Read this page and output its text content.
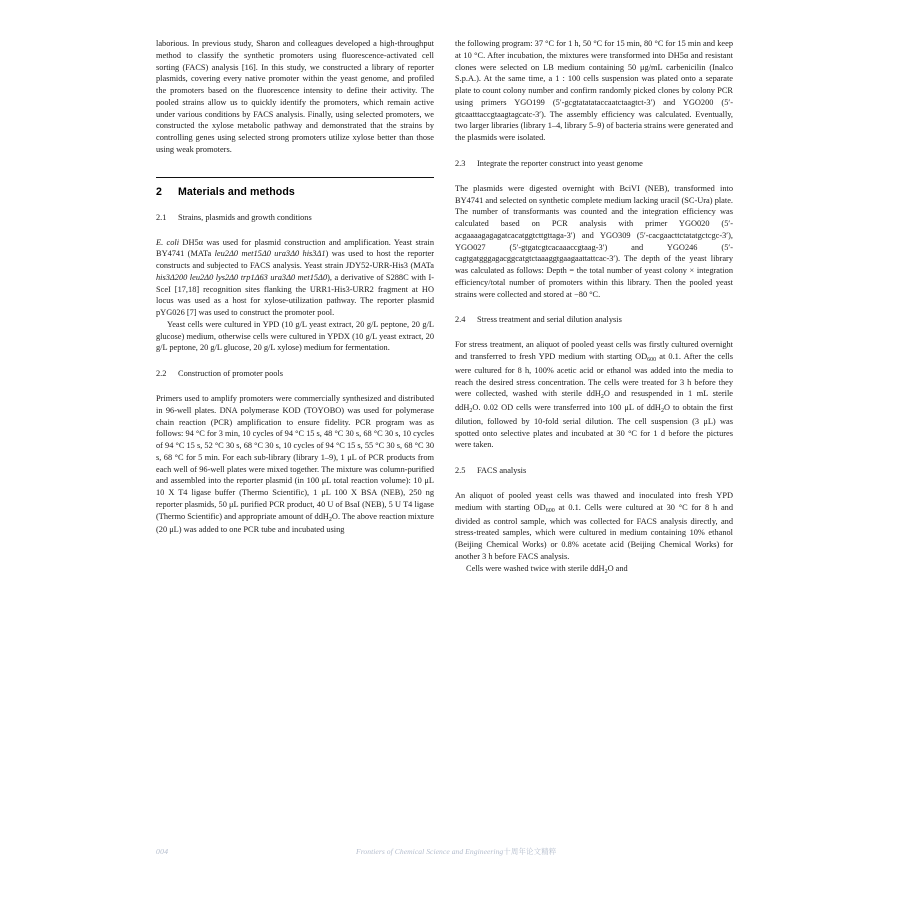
laborious. In previous study, Sharon and colleagues developed a high-throughput method to classify the synthetic promoters using fluorescence-activated cell sorting (FACS) analysis [16]. In this study, we constructed a library of reporter plasmids, covering every native promoter within the yeast genome, and profiled the promoters based on the fluorescence intensity to define their activity. The pooled strains allow us to quickly identify the promoters, which remain active under various conditions by FACS analysis. Finally, using selected promoters, we constructed the xylose metabolic pathway and demonstrated that the strains by controlling genes using selected strong promoters utilize xylose better than those using weak promoters.

2	Materials and methods
2.1	Strains, plasmids and growth conditions

E. coli DH5α was used for plasmid construction and amplification. Yeast strain BY4741 (MATa leu2Δ0 met15Δ0 ura3Δ0 his3Δ1) was used to host the reporter constructs and subjected to FACS analysis. Yeast strain JDY52-URR-His3 (MATa his3Δ200 leu2Δ0 lys2Δ0 trp1Δ63 ura3Δ0 met15Δ0), a derivative of S288C with I-SceI [17,18] recognition sites flanking the URR1-His3-URR2 fragment at HO locus was used as a host for xylose-utilization pathway. The reporter plasmid pYG026 [7] was used to construct the promoter pool.

Yeast cells were cultured in YPD (10 g/L yeast extract, 20 g/L peptone, 20 g/L glucose) medium, otherwise cells were cultured in YPDX (10 g/L yeast extract, 20 g/L peptone, 20 g/L glucose, 20 g/L xylose) medium for fermentation.

2.2	Construction of promoter pools

Primers used to amplify promoters were commercially synthesized and distributed in 96-well plates. DNA polymerase KOD (TOYOBO) was used for polymerase chain reaction (PCR) amplification to ensure fidelity. PCR program was as follows: 94 °C for 3 min, 10 cycles of 94 °C 15 s, 48 °C 30 s, 68 °C 30 s, 10 cycles of 94 °C 15 s, 52 °C 30 s, 68 °C 30 s, 10 cycles of 94 °C 15 s, 55 °C 30 s, 68 °C 30 s, 68 °C for 5 min. For each sub-library (library 1–9), 1 μL of PCR products from each well of 96-well plates were mixed together. The mixture was column-purified and assembled into the reporter plasmid (in 100 μL total reaction volume): 10 μL 10 X T4 ligase buffer (Thermo Scientific), 1 μL 100 X BSA (NEB), 250 ng reporter plasmids, 50 μL purified PCR product, 40 U of BsaI (NEB), 5 U T4 ligase (Thermo Scientific) and appropriate amount of ddH$_2$O. The above reaction mixture (20 μL) was added to one PCR tube and incubated using

the following program: 37 °C for 1 h, 50 °C for 15 min, 80 °C for 15 min and keep at 10 °C. After incubation, the mixtures were transformed into DH5α and resistant clones were selected on LB medium containing 50 μg/mL carbenicilin (Inalco S.p.A.). At the same time, a 1 : 100 cells suspension was plated onto a separate plate to count colony number and confirm randomly picked clones by colony PCR using primers YGO199 (5′-gcgtatatataccaatctaagtct-3′) and YGO200 (5′-gtcaatttaccgtaagtagcatc-3′). The assembly efficiency was calculated. Eventually, two larger libraries (library 1–4, library 5–9) of bacteria strains were generated and the plasmids were isolated.

2.3	Integrate the reporter construct into yeast genome

The plasmids were digested overnight with BciVI (NEB), transformed into BY4741 and selected on synthetic complete medium lacking uracil (SC-Ura) plate. The number of transformants was counted and the integration efficiency was calculated based on PCR analysis with primer YGO020 (5′-acgaaaagagagatcacatggtcttgttaga-3′) and YGO309 (5′-cacgaacttctatatgctcgc-3′), YGO027 (5′-gtgatcgtcacaaaccgtaag-3′) and YGO246 (5′-cagtgatgggagacggcatgtctaaaggtgaagaattattcac-3′). The depth of the yeast library was calculated as follows: Depth = the total number of yeast colony × integration efficiency/total number of promoters within this library. Then the pooled yeast strains were collected and stored at −80 °C.

2.4	Stress treatment and serial dilution analysis

For stress treatment, an aliquot of pooled yeast cells was firstly cultured overnight and transferred to fresh YPD medium with starting $OD_{600}$ at 0.1. After the cells were cultured for 8 h, 100% acetic acid or ethanol was added into the media to reach the desired stress concentration. The cells were treated for 3 h before they were collected, washed with sterile ddH$_2$O and resuspended in 1 mL sterile ddH$_2$O. 0.02 OD cells were transferred into 100 μL of ddH$_2$O to obtain the first dilution, followed by 10-fold serial dilution. The cell suspension (3 μL) was spotted onto selective plates and incubated at 30 °C for 1 d before the pictures were taken.

2.5	FACS analysis

An aliquot of pooled yeast cells was thawed and inoculated into fresh YPD medium with starting $OD_{600}$ at 0.1. Cells were cultured at 30 °C for 8 h and divided as control sample, which was collected for FACS analysis directly, and stress-treated samples, which were cultured in medium containing 10% ethanol (Beijing Chemical Works) or 0.8% acetate acid (Beijing Chemical Works) for another 3 h before FACS analysis.

Cells were washed twice with sterile ddH$_2$O and

004	Frontiers of Chemical Science and Engineering十周年论文精粹
